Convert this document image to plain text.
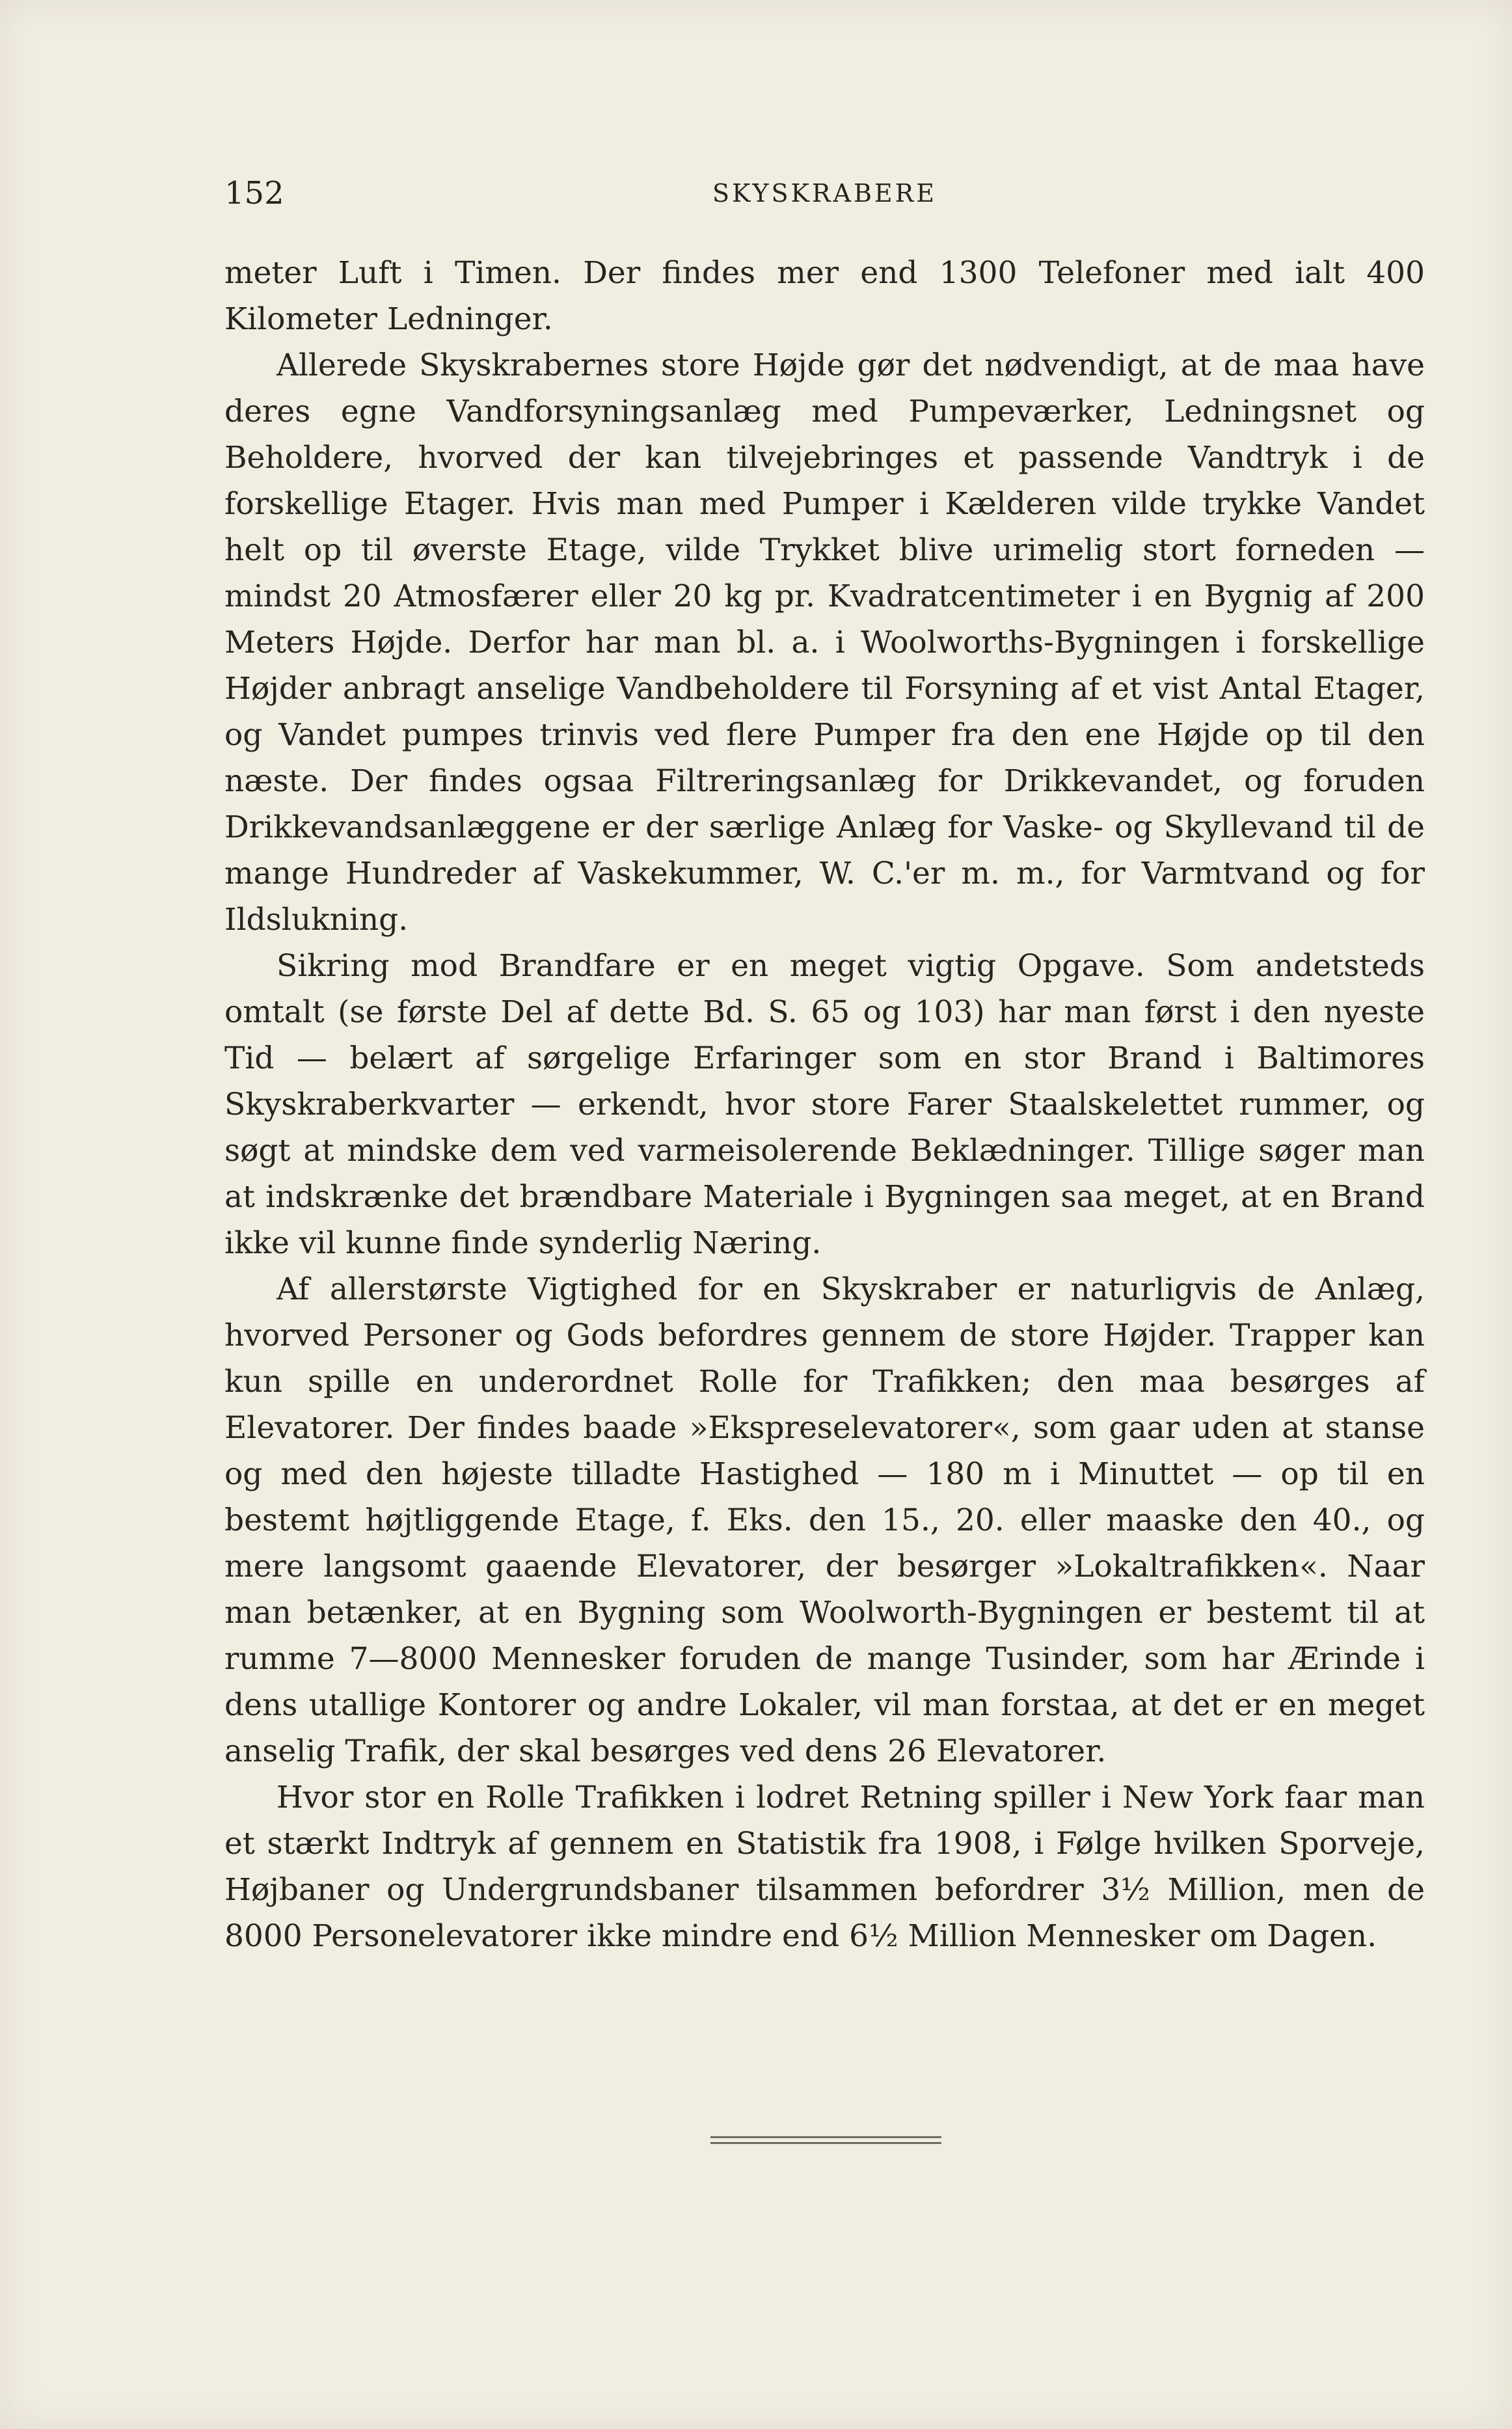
152	SKYSKRABERE

meter Luft i Timen. Der findes mer end 1300 Telefoner med ialt 400 Kilometer Ledninger.

Allerede Skyskrabernes store Højde gør det nødvendigt, at de maa have deres egne Vandforsyningsanlæg med Pumpeværker, Ledningsnet og Beholdere, hvorved der kan tilvejebringes et passende Vandtryk i de forskellige Etager. Hvis man med Pumper i Kælderen vilde trykke Vandet helt op til øverste Etage, vilde Trykket blive urimelig stort forneden — mindst 20 Atmosfærer eller 20 kg pr. Kvadratcentimeter i en Bygnig af 200 Meters Højde. Derfor har man bl. a. i Woolworths-Bygningen i forskellige Højder anbragt anselige Vandbeholdere til Forsyning af et vist Antal Etager, og Vandet pumpes trinvis ved flere Pumper fra den ene Højde op til den næste. Der findes ogsaa Filtreringsanlæg for Drikkevandet, og foruden Drikkevandsanlæggene er der særlige Anlæg for Vaske- og Skyllevand til de mange Hundreder af Vaskekummer, W. C.'er m. m., for Varmtvand og for Ildslukning.

Sikring mod Brandfare er en meget vigtig Opgave. Som andetsteds omtalt (se første Del af dette Bd. S. 65 og 103) har man først i den nyeste Tid — belært af sørgelige Erfaringer som en stor Brand i Baltimores Skyskraberkvarter — erkendt, hvor store Farer Staalskelettet rummer, og søgt at mindske dem ved varmeisolerende Beklædninger. Tillige søger man at indskrænke det brændbare Materiale i Bygningen saa meget, at en Brand ikke vil kunne finde synderlig Næring.

Af allerstørste Vigtighed for en Skyskraber er naturligvis de Anlæg, hvorved Personer og Gods befordres gennem de store Højder. Trapper kan kun spille en underordnet Rolle for Trafikken; den maa besørges af Elevatorer. Der findes baade »Ekspreselevatorer«, som gaar uden at stanse og med den højeste tilladte Hastighed — 180 m i Minuttet — op til en bestemt højtliggende Etage, f. Eks. den 15., 20. eller maaske den 40., og mere langsomt gaaende Elevatorer, der besørger »Lokaltrafikken«. Naar man betænker, at en Bygning som Woolworth-Bygningen er bestemt til at rumme 7—8000 Mennesker foruden de mange Tusinder, som har Ærinde i dens utallige Kontorer og andre Lokaler, vil man forstaa, at det er en meget anselig Trafik, der skal besørges ved dens 26 Elevatorer.

Hvor stor en Rolle Trafikken i lodret Retning spiller i New York faar man et stærkt Indtryk af gennem en Statistik fra 1908, i Følge hvilken Sporveje, Højbaner og Undergrundsbaner tilsammen befordrer 3½ Million, men de 8000 Personelevatorer ikke mindre end 6½ Million Mennesker om Dagen.
